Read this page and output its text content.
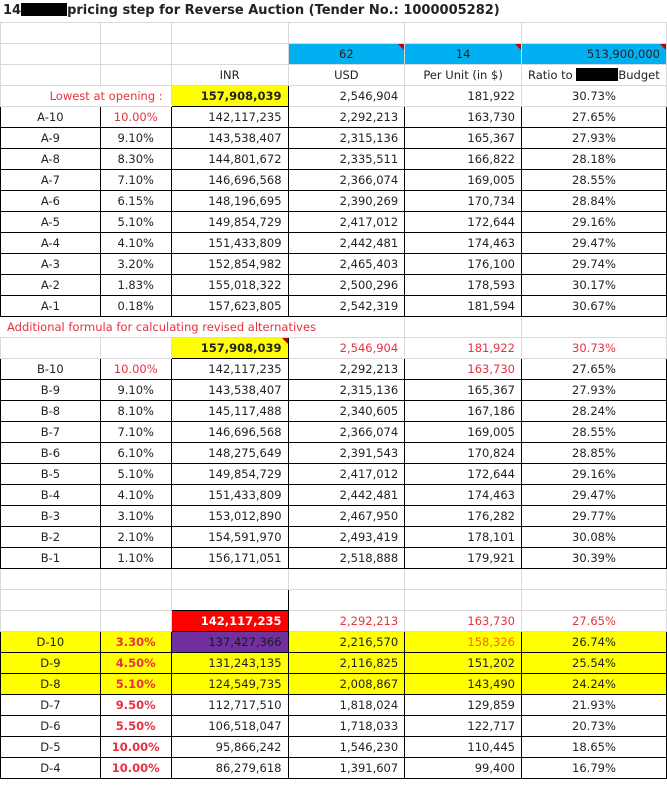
14	pricing step for Reverse Auction (Tender No.: 1000005282)

			62	14	513,900,000
		INR	USD	Per Unit (in $)	Ratio to Budget
Lowest at opening :		157,908,039	2,546,904	181,922	30.73%
A-10	10.00%	142,117,235	2,292,213	163,730	27.65%
A-9	9.10%	143,538,407	2,315,136	165,367	27.93%
A-8	8.30%	144,801,672	2,335,511	166,822	28.18%
A-7	7.10%	146,696,568	2,366,074	169,005	28.55%
A-6	6.15%	148,196,695	2,390,269	170,734	28.84%
A-5	5.10%	149,854,729	2,417,012	172,644	29.16%
A-4	4.10%	151,433,809	2,442,481	174,463	29.47%
A-3	3.20%	152,854,982	2,465,403	176,100	29.74%
A-2	1.83%	155,018,322	2,500,296	178,593	30.17%
A-1	0.18%	157,623,805	2,542,319	181,594	30.67%
Additional formula for calculating revised alternatives					
		157,908,039	2,546,904	181,922	30.73%
B-10	10.00%	142,117,235	2,292,213	163,730	27.65%
B-9	9.10%	143,538,407	2,315,136	165,367	27.93%
B-8	8.10%	145,117,488	2,340,605	167,186	28.24%
B-7	7.10%	146,696,568	2,366,074	169,005	28.55%
B-6	6.10%	148,275,649	2,391,543	170,824	28.85%
B-5	5.10%	149,854,729	2,417,012	172,644	29.16%
B-4	4.10%	151,433,809	2,442,481	174,463	29.47%
B-3	3.10%	153,012,890	2,467,950	176,282	29.77%
B-2	2.10%	154,591,970	2,493,419	178,101	30.08%
B-1	1.10%	156,171,051	2,518,888	179,921	30.39%

		142,117,235	2,292,213	163,730	27.65%
D-10	3.30%	137,427,366	2,216,570	158,326	26.74%
D-9	4.50%	131,243,135	2,116,825	151,202	25.54%
D-8	5.10%	124,549,735	2,008,867	143,490	24.24%
D-7	9.50%	112,717,510	1,818,024	129,859	21.93%
D-6	5.50%	106,518,047	1,718,033	122,717	20.73%
D-5	10.00%	95,866,242	1,546,230	110,445	18.65%
D-4	10.00%	86,279,618	1,391,607	99,400	16.79%
